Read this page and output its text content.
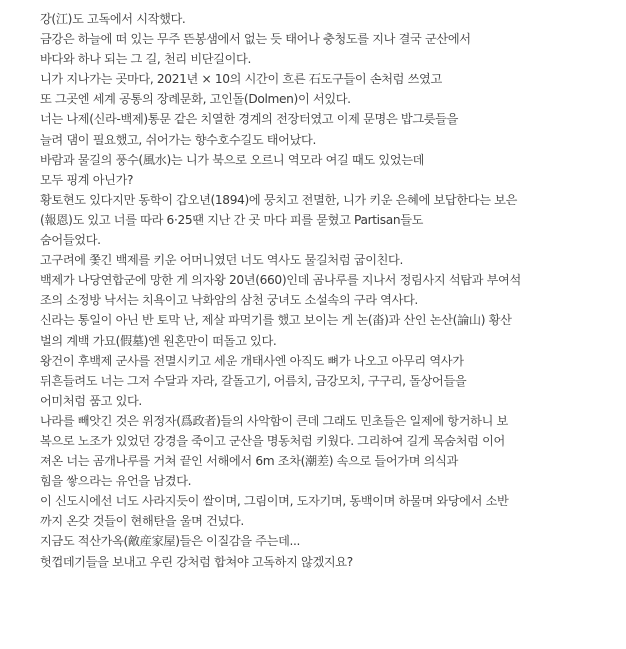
강(江)도 고독에서 시작했다.
금강은 하늘에 떠 있는 무주 뜬봉샘에서 없는 듯 태어나 충청도를 지나 결국 군산에서
바다와 하나 되는 그 길, 천리 비단길이다.
니가 지나가는 곳마다, 2021년 × 10의 시간이 흐른 石도구들이 손처럼 쓰였고
또 그곳엔 세계 공통의 장례문화, 고인돌(Dolmen)이 서있다.
너는 나제(신라-백제)통문 같은 치열한 경계의 전장터였고 이제 문명은 밥그릇들을
늘려 댐이 필요했고, 쉬어가는 향수호수길도 태어났다.
바람과 물길의 풍수(風水)는 니가 북으로 오르니 역모라 여길 때도 있었는데
모두 핑계 아닌가?
황토현도 있다지만 동학이 갑오년(1894)에 뭉치고 전멸한, 니가 키운 은혜에 보답한다는 보은
(報恩)도 있고 너를 따라 6·25땐 지난 간 곳 마다 피를 묻혔고 Partisan들도
숨어들었다.
고구려에 쫓긴 백제를 키운 어머니였던 너도 역사도 물길처럼 굽이친다.
백제가 나당연합군에 망한 게 의자왕 20년(660)인데 곰나루를 지나서 정림사지 석탑과 부여석
조의 소정방 낙서는 치욕이고 낙화암의 삼천 궁녀도 소설속의 구라 역사다.
신라는 통일이 아닌 반 토막 난, 제살 파먹기를 했고 보이는 게 논(畓)과 산인 논산(論山) 황산
벌의 계백 가묘(假墓)엔 원혼만이 떠돌고 있다.
왕건이 후백제 군사를 전멸시키고 세운 개태사엔 아직도 뼈가 나오고 아무리 역사가
뒤흔들려도 너는 그저 수달과 자라, 갈돌고기, 어름치, 금강모치, 구구리, 돌상어들을
어미처럼 품고 있다.
나라를 빼앗긴 것은 위정자(爲政者)들의 사악함이 큰데 그래도 민초들은 일제에 항거하니 보
복으로 노조가 있었던 강경을 죽이고 군산을 명동처럼 키웠다. 그리하여 길게 목숨처럼 이어
져온 너는 곰개나루를 거쳐 끝인 서해에서 6m 조차(潮差) 속으로 들어가며 의식과
힘을 쌓으라는 유언을 남겼다.
이 신도시에선 너도 사라지듯이 쌀이며, 그림이며, 도자기며, 동백이며 하물며 와당에서 소반
까지 온갖 것들이 현해탄을 울며 건넜다.
지금도 적산가옥(敵産家屋)들은 이질감을 주는데...
헛껍데기들을 보내고 우린 강처럼 합쳐야 고독하지 않겠지요?
